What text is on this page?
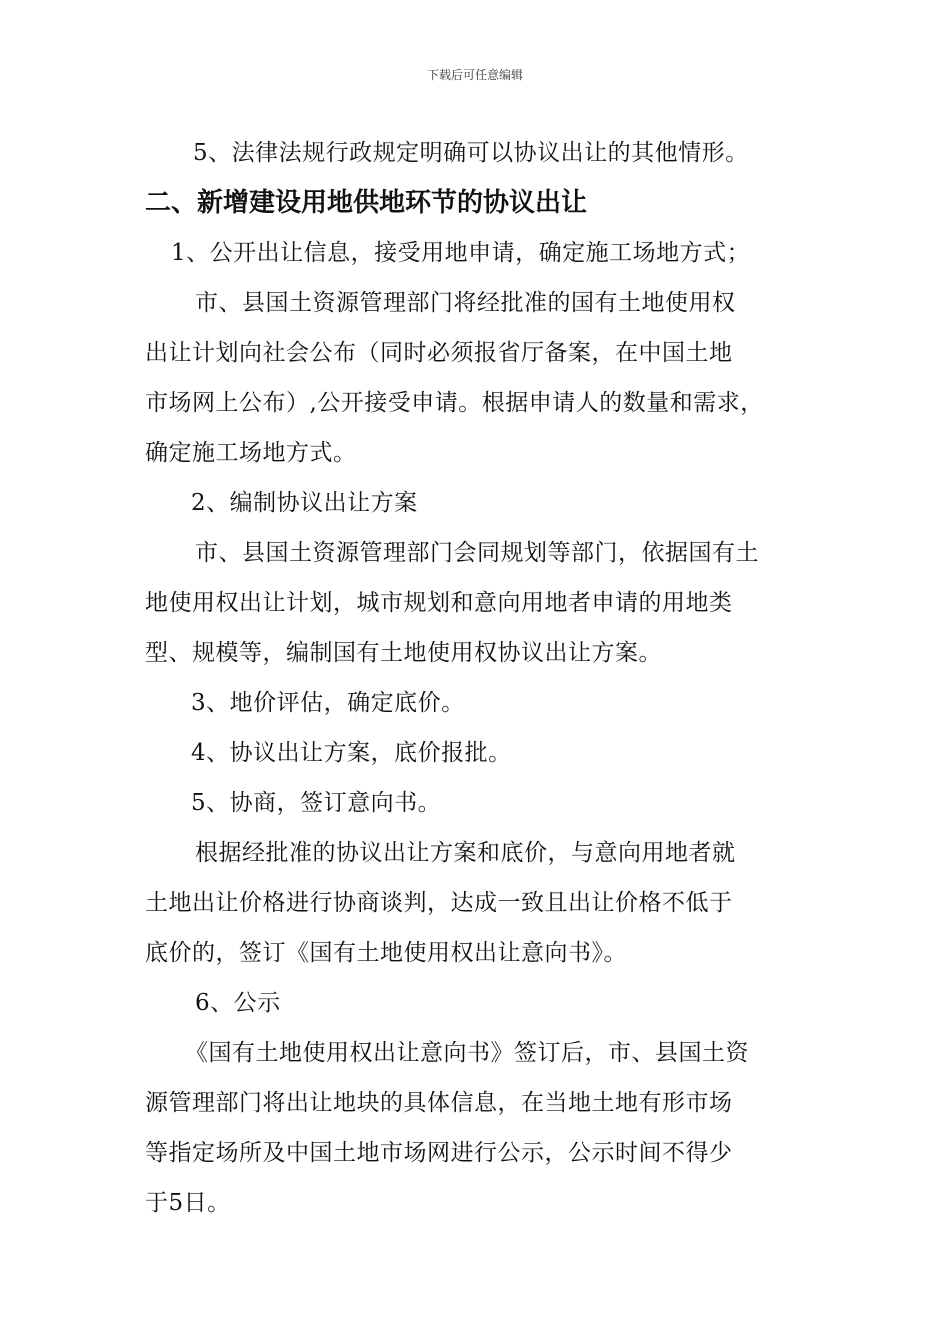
下载后可任意编辑
5、法律法规行政规定明确可以协议出让的其他情形。
二、新增建设用地供地环节的协议出让
1、公开出让信息，接受用地申请，确定施工场地方式；
市、县国土资源管理部门将经批准的国有土地使用权
出让计划向社会公布（同时必须报省厅备案，在中国土地
市场网上公布）,公开接受申请。根据申请人的数量和需求，
确定施工场地方式。
2、编制协议出让方案
市、县国土资源管理部门会同规划等部门，依据国有土
地使用权出让计划，城市规划和意向用地者申请的用地类
型、规模等，编制国有土地使用权协议出让方案。
3、地价评估，确定底价。
4、协议出让方案，底价报批。
5、协商，签订意向书。
根据经批准的协议出让方案和底价，与意向用地者就
土地出让价格进行协商谈判，达成一致且出让价格不低于
底价的，签订《国有土地使用权出让意向书》。
6、公示
《国有土地使用权出让意向书》签订后，市、县国土资
源管理部门将出让地块的具体信息，在当地土地有形市场
等指定场所及中国土地市场网进行公示，公示时间不得少
于5日。
